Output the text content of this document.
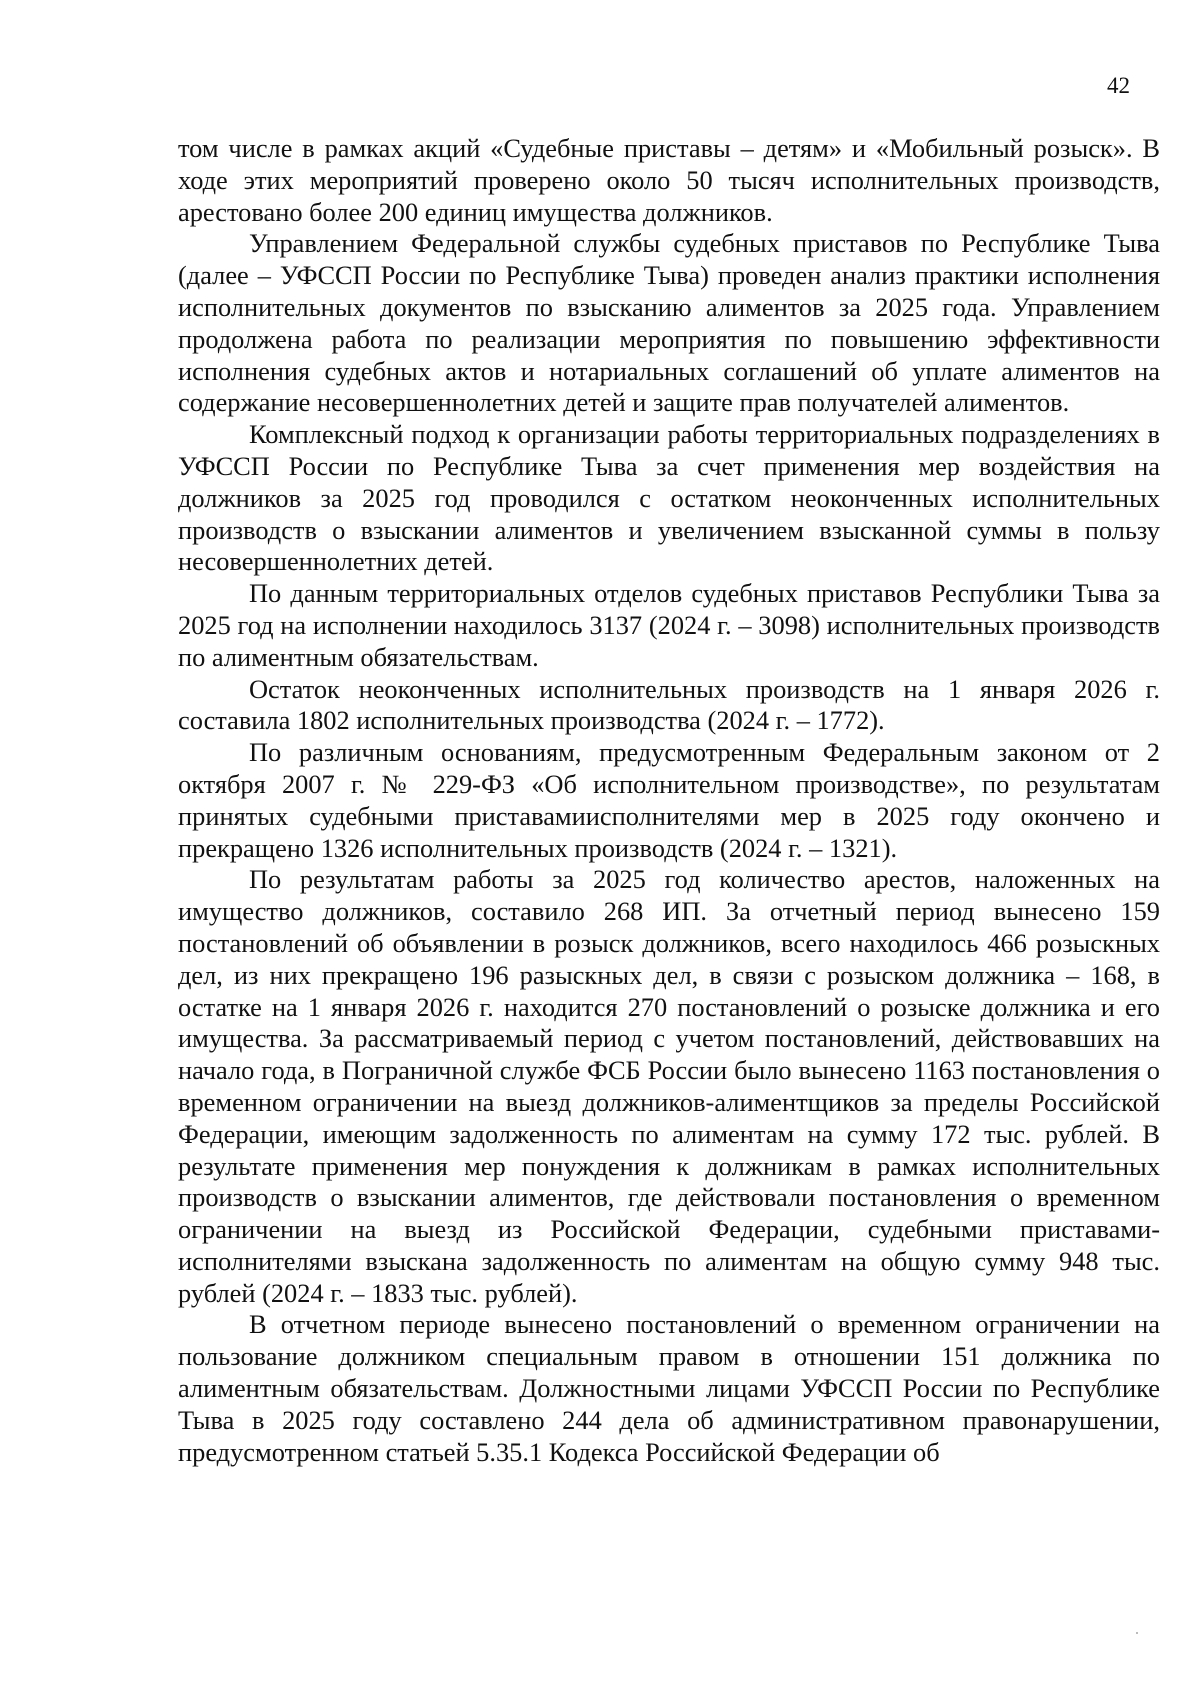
42

том числе в рамках акций «Судебные приставы – детям» и «Мобильный розыск». В ходе этих мероприятий проверено около 50 тысяч исполнительных производств, арестовано более 200 единиц имущества должников.

Управлением Федеральной службы судебных приставов по Республике Тыва (далее – УФССП России по Республике Тыва) проведен анализ практики исполнения исполнительных документов по взысканию алиментов за 2025 года. Управлением продолжена работа по реализации мероприятия по повышению эффективности исполнения судебных актов и нотариальных соглашений об уплате алиментов на содержание несовершеннолетних детей и защите прав получателей алиментов.

Комплексный подход к организации работы территориальных подразделениях в УФССП России по Республике Тыва за счет применения мер воздействия на должников за 2025 год проводился с остатком неоконченных исполнительных производств о взыскании алиментов и увеличением взысканной суммы в пользу несовершеннолетних детей.

По данным территориальных отделов судебных приставов Республики Тыва за 2025 год на исполнении находилось 3137 (2024 г. – 3098) исполнительных производств по алиментным обязательствам.

Остаток неоконченных исполнительных производств на 1 января 2026 г. составила 1802 исполнительных производства (2024 г. – 1772).

По различным основаниям, предусмотренным Федеральным законом от 2 октября 2007 г. № 229-ФЗ «Об исполнительном производстве», по результатам принятых судебными приставамиисполнителями мер в 2025 году окончено и прекращено 1326 исполнительных производств (2024 г. – 1321).

По результатам работы за 2025 год количество арестов, наложенных на имущество должников, составило 268 ИП. За отчетный период вынесено 159 постановлений об объявлении в розыск должников, всего находилось 466 розыскных дел, из них прекращено 196 разыскных дел, в связи с розыском должника – 168, в остатке на 1 января 2026 г. находится 270 постановлений о розыске должника и его имущества. За рассматриваемый период с учетом постановлений, действовавших на начало года, в Пограничной службе ФСБ России было вынесено 1163 постановления о временном ограничении на выезд должников-алиментщиков за пределы Российской Федерации, имеющим задолженность по алиментам на сумму 172 тыс. рублей. В результате применения мер понуждения к должникам в рамках исполнительных производств о взыскании алиментов, где действовали постановления о временном ограничении на выезд из Российской Федерации, судебными приставами-исполнителями взыскана задолженность по алиментам на общую сумму 948 тыс. рублей (2024 г. – 1833 тыс. рублей).

В отчетном периоде вынесено постановлений о временном ограничении на пользование должником специальным правом в отношении 151 должника по алиментным обязательствам. Должностными лицами УФССП России по Республике Тыва в 2025 году составлено 244 дела об административном правонарушении, предусмотренном статьей 5.35.1 Кодекса Российской Федерации об
